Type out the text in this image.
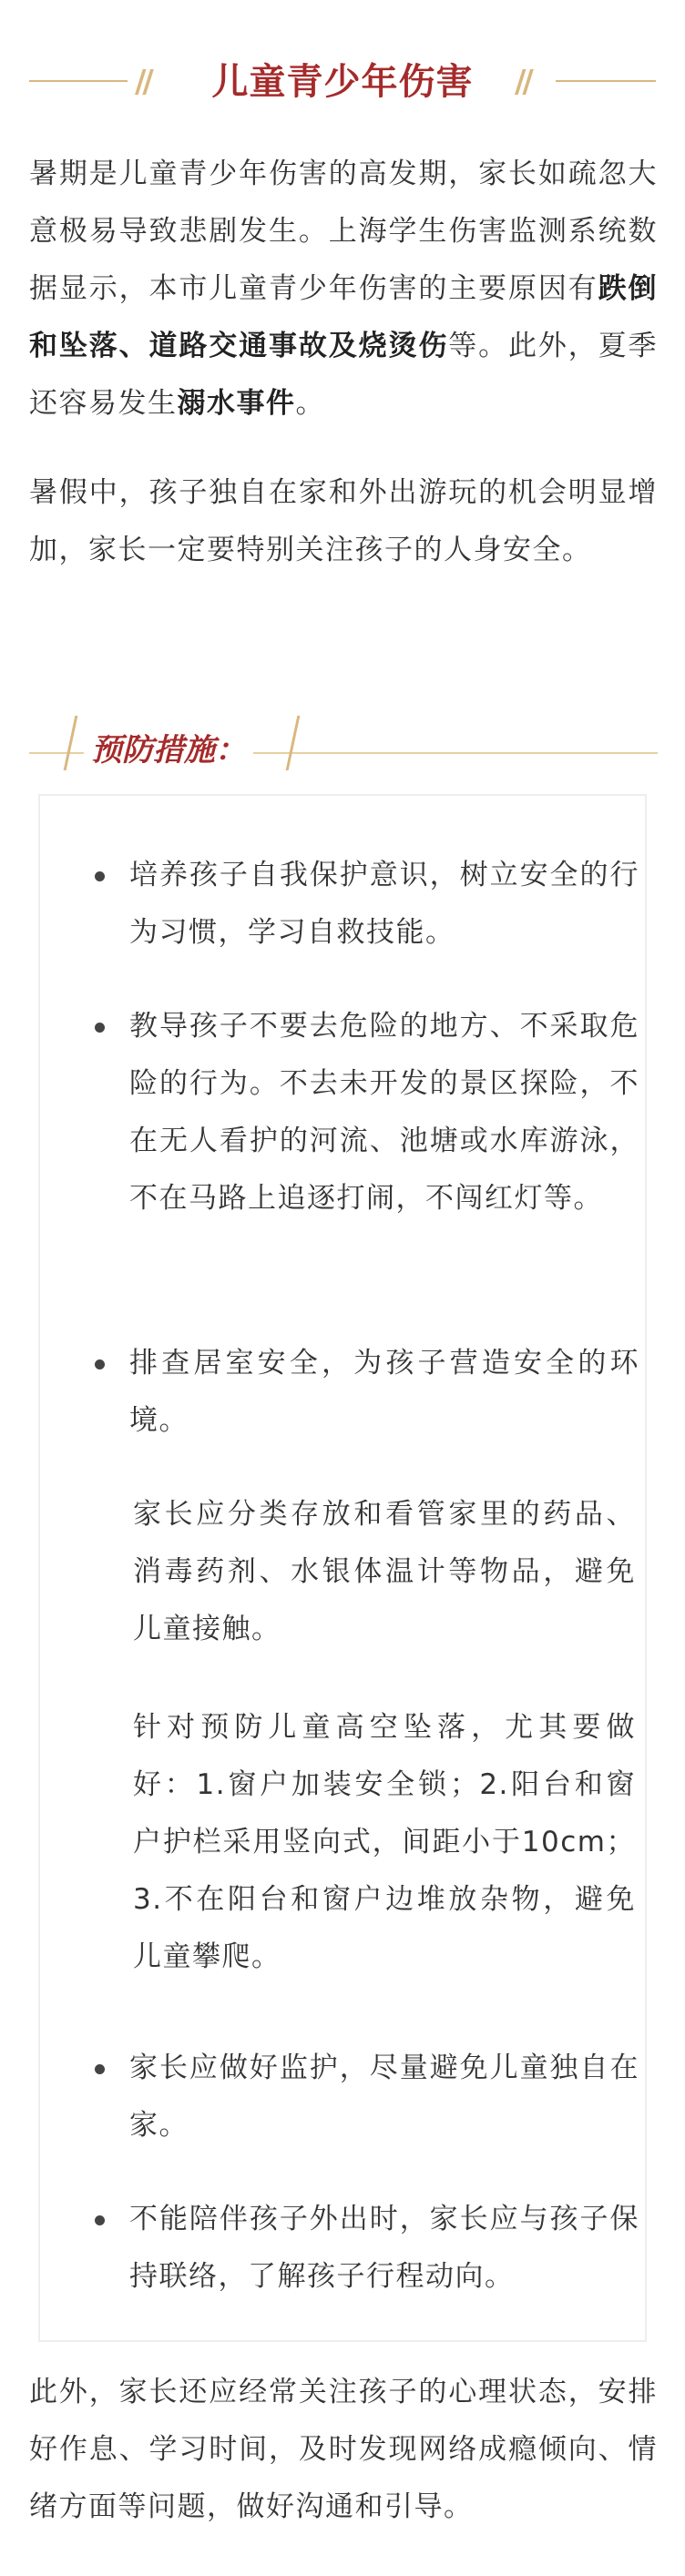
//	儿童青少年伤害	//
暑期是儿童青少年伤害的高发期，家长如疏忽大意极易导致悲剧发生。上海学生伤害监测系统数据显示，本市儿童青少年伤害的主要原因有跌倒和坠落、道路交通事故及烧烫伤等。此外，夏季还容易发生溺水事件。
暑假中，孩子独自在家和外出游玩的机会明显增加，家长一定要特别关注孩子的人身安全。
预防措施：
培养孩子自我保护意识，树立安全的行为习惯，学习自救技能。
教导孩子不要去危险的地方、不采取危险的行为。不去未开发的景区探险，不在无人看护的河流、池塘或水库游泳，不在马路上追逐打闹，不闯红灯等。
排查居室安全，为孩子营造安全的环境。
家长应分类存放和看管家里的药品、消毒药剂、水银体温计等物品，避免儿童接触。
针对预防儿童高空坠落，尤其要做好：1.窗户加装安全锁；2.阳台和窗户护栏采用竖向式，间距小于10cm；3.不在阳台和窗户边堆放杂物，避免儿童攀爬。
家长应做好监护，尽量避免儿童独自在家。
不能陪伴孩子外出时，家长应与孩子保持联络，了解孩子行程动向。
此外，家长还应经常关注孩子的心理状态，安排好作息、学习时间，及时发现网络成瘾倾向、情绪方面等问题，做好沟通和引导。
